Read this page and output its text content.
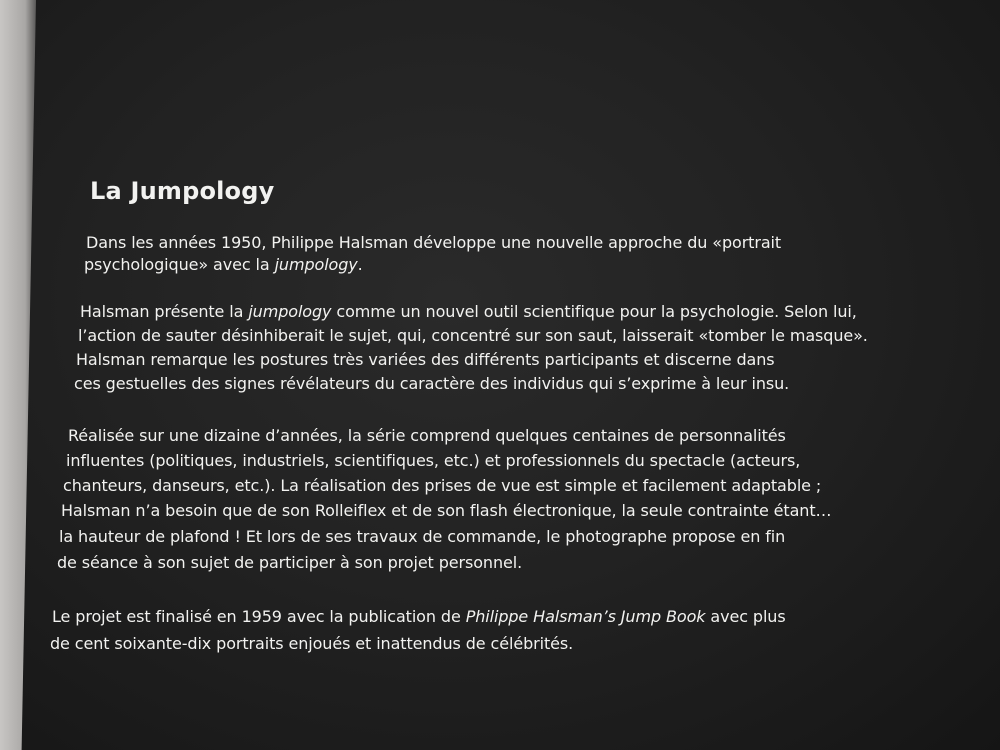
La Jumpology
Dans les années 1950, Philippe Halsman développe une nouvelle approche du «portrait
psychologique» avec la jumpology.
Halsman présente la jumpology comme un nouvel outil scientifique pour la psychologie. Selon lui,
l’action de sauter désinhiberait le sujet, qui, concentré sur son saut, laisserait «tomber le masque».
Halsman remarque les postures très variées des différents participants et discerne dans
ces gestuelles des signes révélateurs du caractère des individus qui s’exprime à leur insu.
Réalisée sur une dizaine d’années, la série comprend quelques centaines de personnalités
influentes (politiques, industriels, scientifiques, etc.) et professionnels du spectacle (acteurs,
chanteurs, danseurs, etc.). La réalisation des prises de vue est simple et facilement adaptable ;
Halsman n’a besoin que de son Rolleiflex et de son flash électronique, la seule contrainte étant…
la hauteur de plafond ! Et lors de ses travaux de commande, le photographe propose en fin
de séance à son sujet de participer à son projet personnel.
Le projet est finalisé en 1959 avec la publication de Philippe Halsman’s Jump Book avec plus
de cent soixante-dix portraits enjoués et inattendus de célébrités.
